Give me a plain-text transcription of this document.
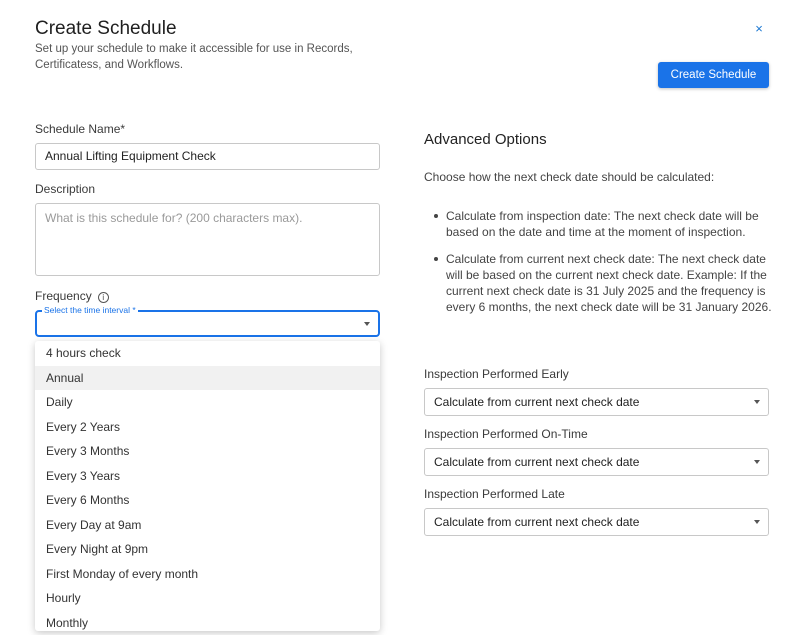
Create Schedule
Set up your schedule to make it accessible for use in Records, Certificatess, and Workflows.
×
Create Schedule
Schedule Name*
Annual Lifting Equipment Check
Description
What is this schedule for? (200 characters max).
Frequency i
Select the time interval *
4 hours check
Annual
Daily
Every 2 Years
Every 3 Months
Every 3 Years
Every 6 Months
Every Day at 9am
Every Night at 9pm
First Monday of every month
Hourly
Monthly
Advanced Options
Choose how the next check date should be calculated:
Calculate from inspection date: The next check date will be based on the date and time at the moment of inspection.
Calculate from current next check date: The next check date will be based on the current next check date. Example: If the current next check date is 31 July 2025 and the frequency is every 6 months, the next check date will be 31 January 2026.
Inspection Performed Early
Calculate from current next check date
Inspection Performed On-Time
Calculate from current next check date
Inspection Performed Late
Calculate from current next check date
